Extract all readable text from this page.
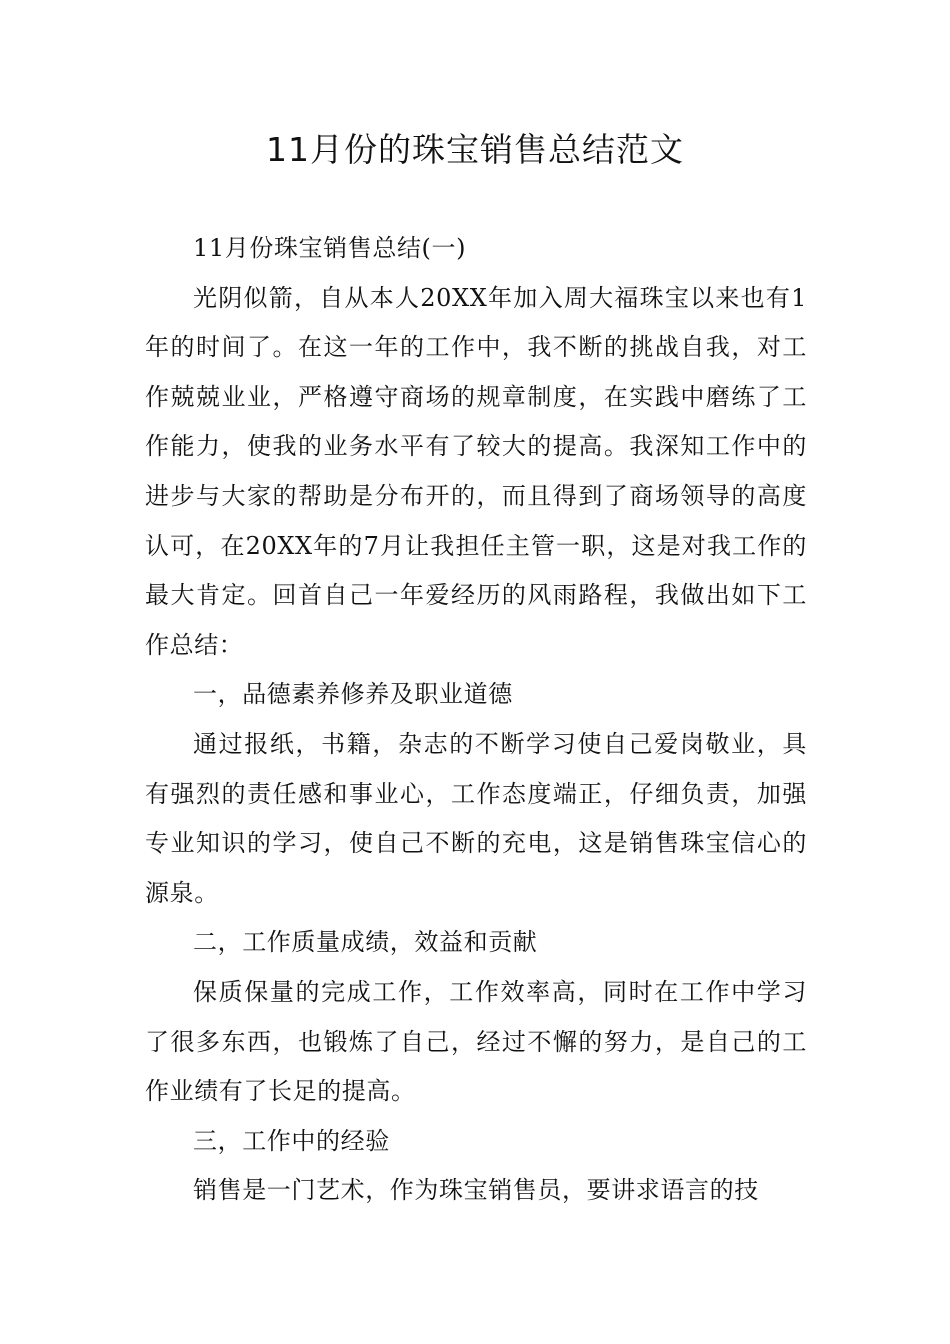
11月份的珠宝销售总结范文

11月份珠宝销售总结(一)

光阴似箭，自从本人20XX年加入周大福珠宝以来也有1年的时间了。在这一年的工作中，我不断的挑战自我，对工作兢兢业业，严格遵守商场的规章制度，在实践中磨练了工作能力，使我的业务水平有了较大的提高。我深知工作中的进步与大家的帮助是分布开的，而且得到了商场领导的高度认可，在20XX年的7月让我担任主管一职，这是对我工作的最大肯定。回首自己一年爱经历的风雨路程，我做出如下工作总结：

一，品德素养修养及职业道德

通过报纸，书籍，杂志的不断学习使自己爱岗敬业，具有强烈的责任感和事业心，工作态度端正，仔细负责，加强专业知识的学习，使自己不断的充电，这是销售珠宝信心的源泉。

二，工作质量成绩，效益和贡献

保质保量的完成工作，工作效率高，同时在工作中学习了很多东西，也锻炼了自己，经过不懈的努力，是自己的工作业绩有了长足的提高。

三，工作中的经验

销售是一门艺术，作为珠宝销售员，要讲求语言的技
